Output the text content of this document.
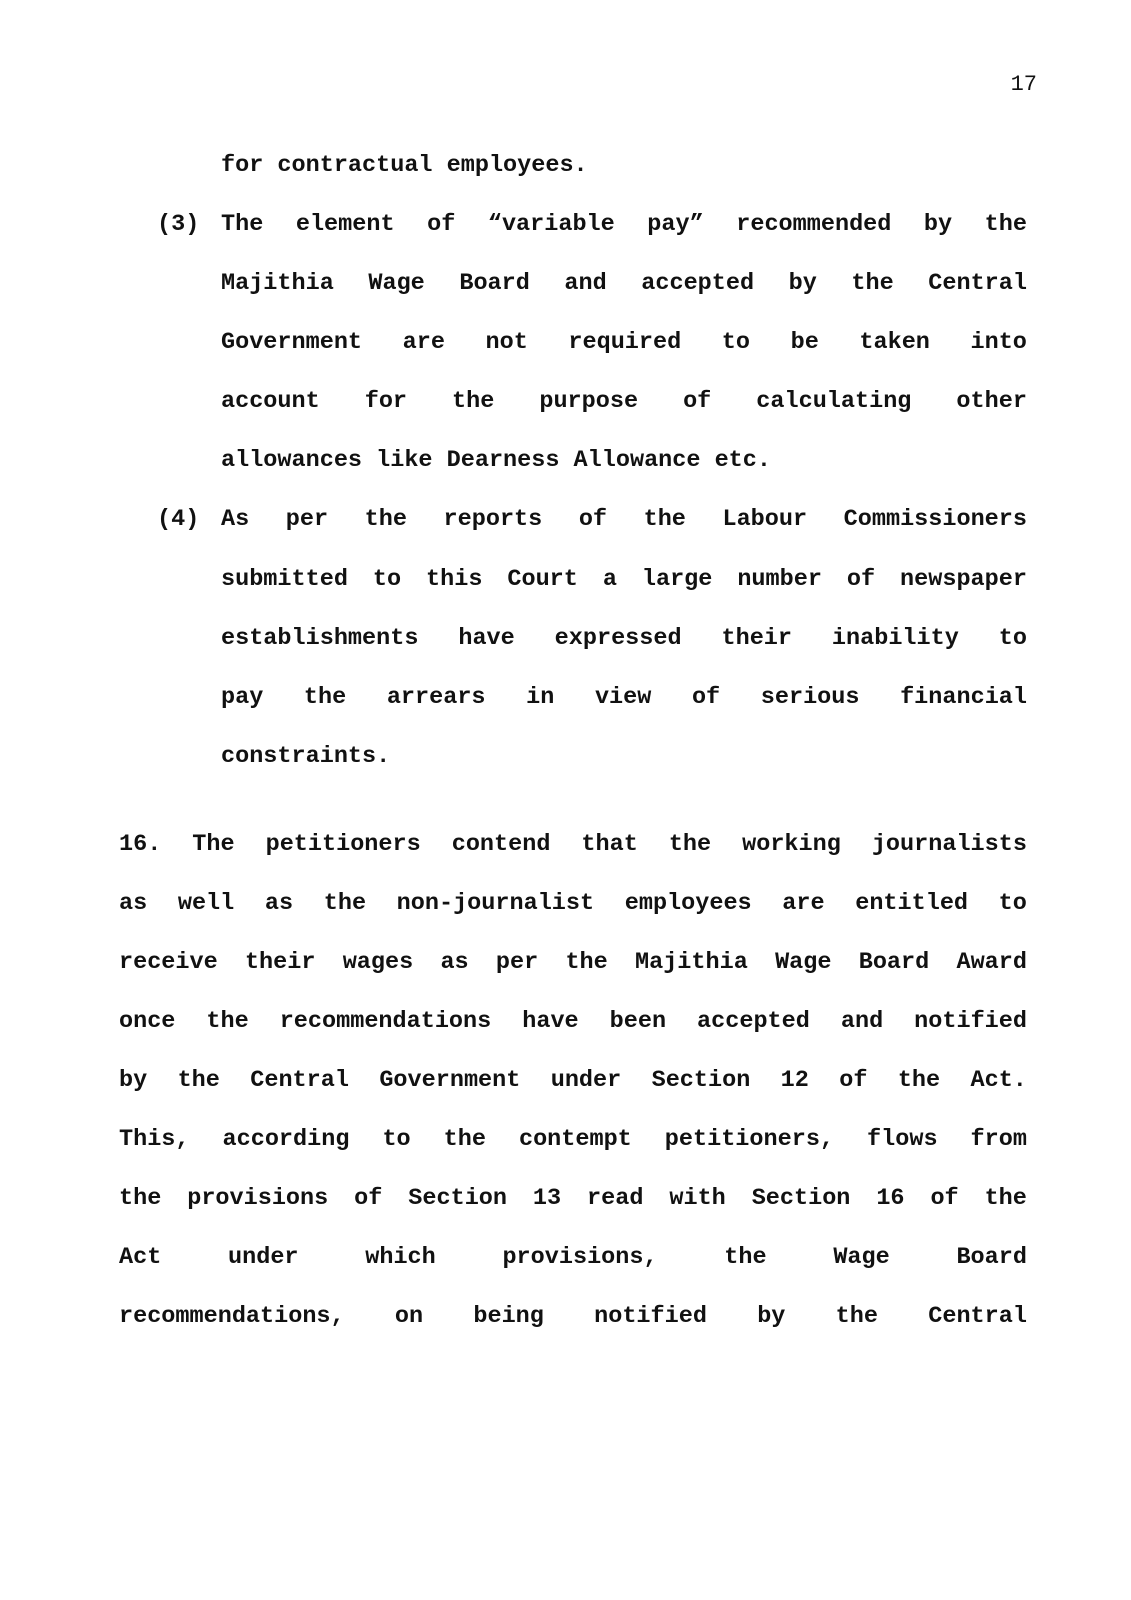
17
for contractual employees.
(3) The element of “variable pay” recommended by the
Majithia Wage Board and accepted by the Central
Government are not required to be taken into
account for the purpose of calculating other
allowances like Dearness Allowance etc.
(4) As per the reports of the Labour Commissioners
submitted to this Court a large number of newspaper
establishments have expressed their inability to
pay the arrears in view of serious financial
constraints.
16. The petitioners contend that the working journalists
as well as the non-journalist employees are entitled to
receive their wages as per the Majithia Wage Board Award
once the recommendations have been accepted and notified
by the Central Government under Section 12 of the Act.
This, according to the contempt petitioners, flows from
the provisions of Section 13 read with Section 16 of the
Act	under	which	provisions,	the	Wage	Board
recommendations, on being notified by the Central
